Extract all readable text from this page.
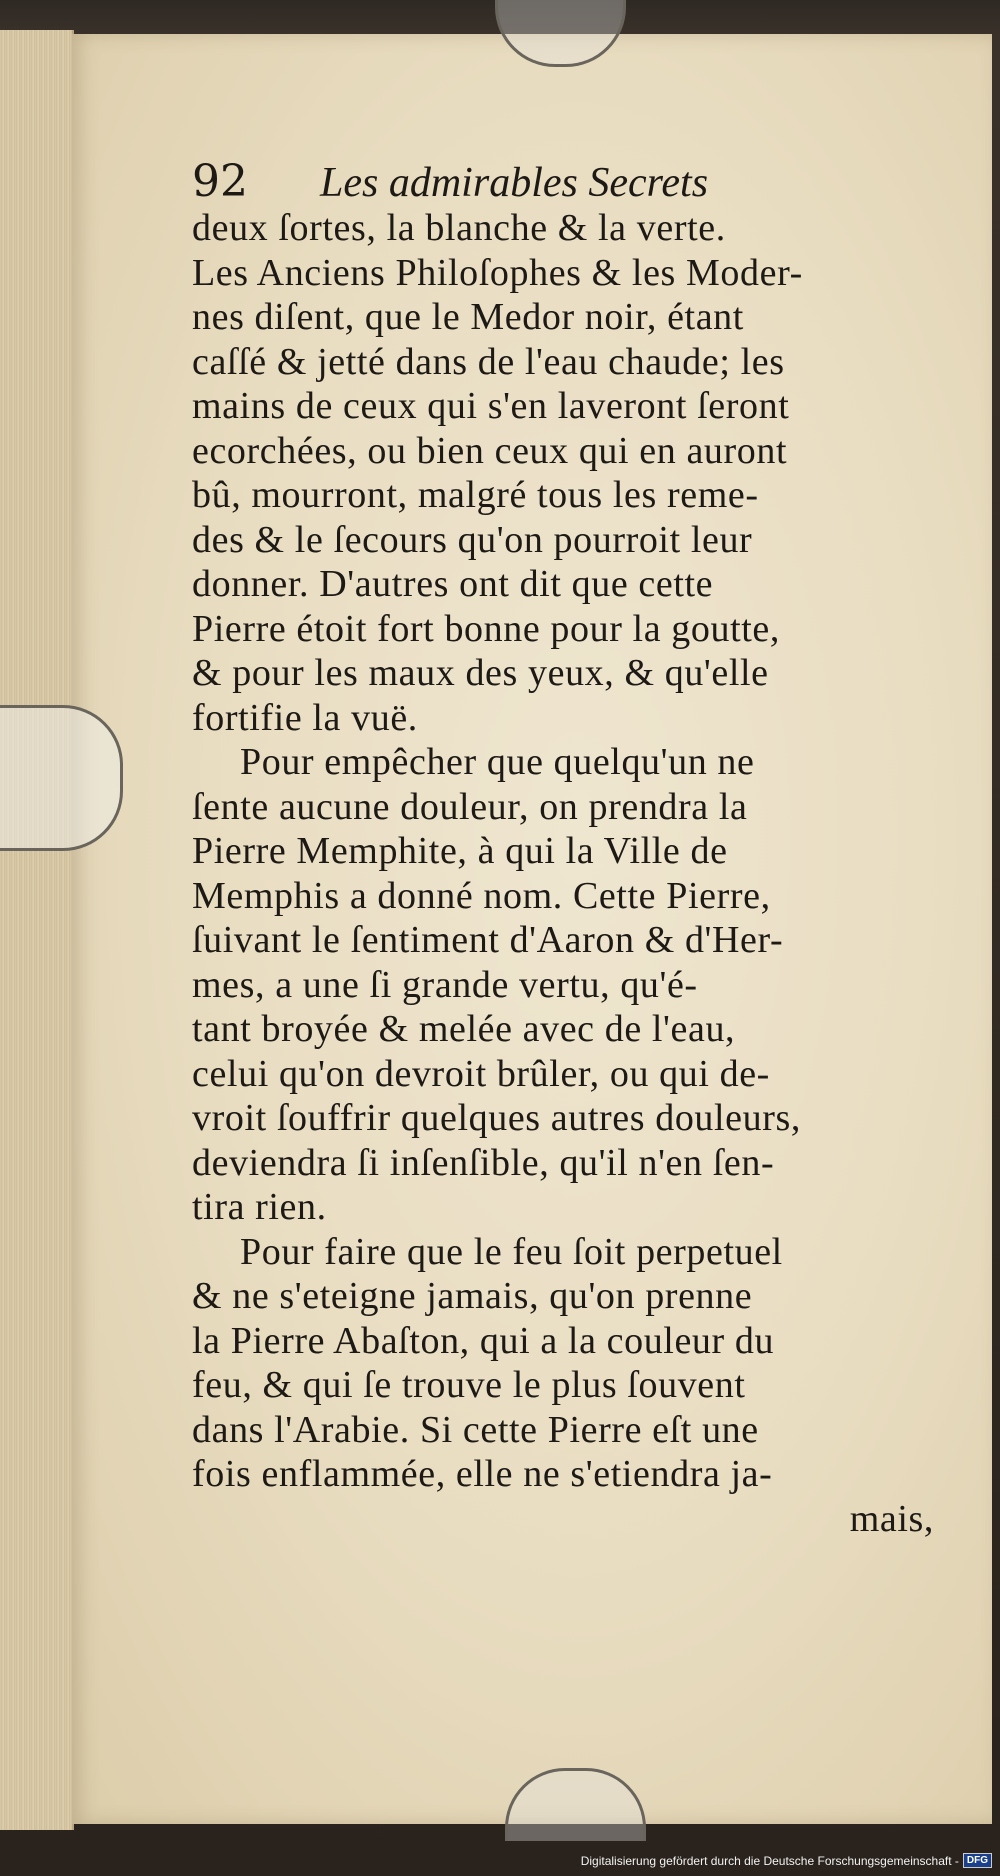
92 Les admirables Secrets
deux ſortes, la blanche & la verte.
Les Anciens Philoſophes & les Moder-
nes diſent, que le Medor noir, étant
caſſé & jetté dans de l'eau chaude; les
mains de ceux qui s'en laveront ſeront
ecorchées, ou bien ceux qui en auront
bû, mourront, malgré tous les reme-
des & le ſecours qu'on pourroit leur
donner. D'autres ont dit que cette
Pierre étoit fort bonne pour la goutte,
& pour les maux des yeux, & qu'elle
fortifie la vuë.
Pour empêcher que quelqu'un ne
ſente aucune douleur, on prendra la
Pierre Memphite, à qui la Ville de
Memphis a donné nom. Cette Pierre,
ſuivant le ſentiment d'Aaron & d'Her-
mes, a une ſi grande vertu, qu'é-
tant broyée & melée avec de l'eau,
celui qu'on devroit brûler, ou qui de-
vroit ſouffrir quelques autres douleurs,
deviendra ſi inſenſible, qu'il n'en ſen-
tira rien.
Pour faire que le feu ſoit perpetuel
& ne s'eteigne jamais, qu'on prenne
la Pierre Abaſton, qui a la couleur du
feu, & qui ſe trouve le plus ſouvent
dans l'Arabie. Si cette Pierre eſt une
fois enflammée, elle ne s'etiendra ja-
mais,
Digitalisierung gefördert durch die Deutsche Forschungsgemeinschaft - DFG
